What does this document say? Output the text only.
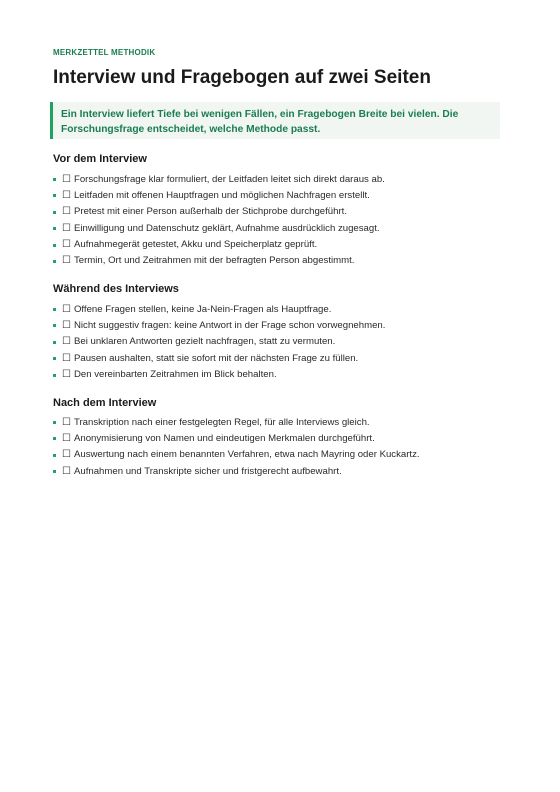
MERKZETTEL METHODIK
Interview und Fragebogen auf zwei Seiten
Ein Interview liefert Tiefe bei wenigen Fällen, ein Fragebogen Breite bei vielen. Die Forschungsfrage entscheidet, welche Methode passt.
Vor dem Interview
☐ Forschungsfrage klar formuliert, der Leitfaden leitet sich direkt daraus ab.
☐ Leitfaden mit offenen Hauptfragen und möglichen Nachfragen erstellt.
☐ Pretest mit einer Person außerhalb der Stichprobe durchgeführt.
☐ Einwilligung und Datenschutz geklärt, Aufnahme ausdrücklich zugesagt.
☐ Aufnahmegerät getestet, Akku und Speicherplatz geprüft.
☐ Termin, Ort und Zeitrahmen mit der befragten Person abgestimmt.
Während des Interviews
☐ Offene Fragen stellen, keine Ja-Nein-Fragen als Hauptfrage.
☐ Nicht suggestiv fragen: keine Antwort in der Frage schon vorwegnehmen.
☐ Bei unklaren Antworten gezielt nachfragen, statt zu vermuten.
☐ Pausen aushalten, statt sie sofort mit der nächsten Frage zu füllen.
☐ Den vereinbarten Zeitrahmen im Blick behalten.
Nach dem Interview
☐ Transkription nach einer festgelegten Regel, für alle Interviews gleich.
☐ Anonymisierung von Namen und eindeutigen Merkmalen durchgeführt.
☐ Auswertung nach einem benannten Verfahren, etwa nach Mayring oder Kuckartz.
☐ Aufnahmen und Transkripte sicher und fristgerecht aufbewahrt.
